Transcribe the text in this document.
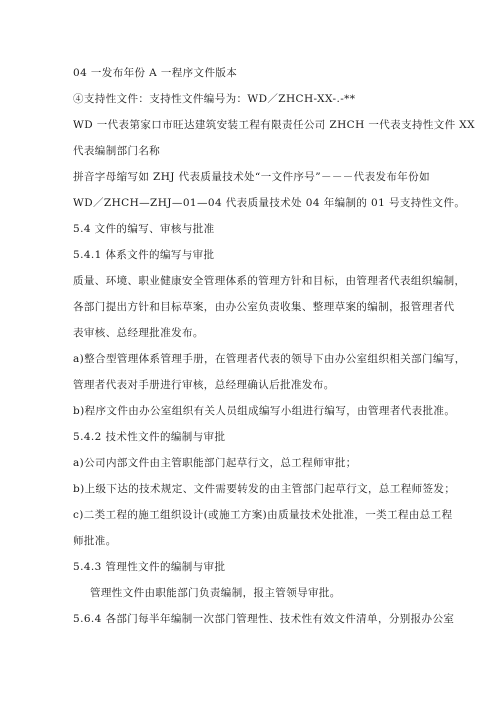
04 一发布年份 A 一程序文件版本
④支持性文件：支持性文件编号为：WD／ZHCH-XX-.-**
WD 一代表第家口市旺达建筑安装工程有限责任公司 ZHCH 一代表支持性文件 XX
代表编制部门名称
拼音字母缩写如 ZHJ 代表质量技术处“一文件序号”－－－代表发布年份如
WD／ZHCH—ZHJ—01—04 代表质量技术处 04 年编制的 01 号支持性文件。
5.4 文件的编写、审核与批准
5.4.1 体系文件的编写与审批
质量、环境、职业健康安全管理体系的管理方针和目标，由管理者代表组织编制，
各部门提出方针和目标草案，由办公室负责收集、整理草案的编制，报管理者代
表审核、总经理批准发布。
a)整合型管理体系管理手册，在管理者代表的领导下由办公室组织相关部门编写，
管理者代表对手册进行审核，总经理确认后批准发布。
b)程序文件由办公室组织有关人员组成编写小组进行编写，由管理者代表批准。
5.4.2 技术性文件的编制与审批
a)公司内部文件由主管职能部门起草行文，总工程师审批；
b)上级下达的技术规定、文件需要转发的由主管部门起草行文，总工程师签发；
c)二类工程的施工组织设计(或施工方案)由质量技术处批准，一类工程由总工程
师批准。
5.4.3 管理性文件的编制与审批
管理性文件由职能部门负责编制，报主管领导审批。
5.6.4 各部门每半年编制一次部门管理性、技术性有效文件清单，分别报办公室
